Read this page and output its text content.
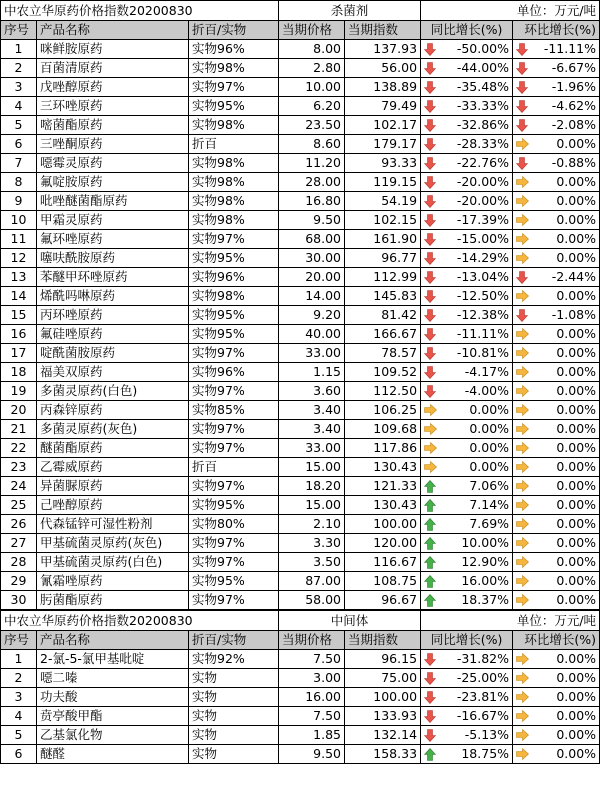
中农立华原药价格指数20200830			杀菌剂		单位：万元/吨	
序号	产品名称	折百/实物	当期价格	当期指数	同比增长(%)	环比增长(%)
1	咪鲜胺原药	实物96%	8.00	137.93	-50.00%	-11.11%

2	百菌清原药	实物98%	2.80	56.00	-44.00%	-6.67%

3	戊唑醇原药	实物97%	10.00	138.89	-35.48%	-1.96%

4	三环唑原药	实物95%	6.20	79.49	-33.33%	-4.62%

5	嘧菌酯原药	实物98%	23.50	102.17	-32.86%	-2.08%

6	三唑酮原药	折百	8.60	179.17	-28.33%	0.00%

7	噁霉灵原药	实物98%	11.20	93.33	-22.76%	-0.88%

8	氟啶胺原药	实物98%	28.00	119.15	-20.00%	0.00%

9	吡唑醚菌酯原药	实物98%	16.80	54.19	-20.00%	0.00%

10	甲霜灵原药	实物98%	9.50	102.15	-17.39%	0.00%

11	氟环唑原药	实物97%	68.00	161.90	-15.00%	0.00%

12	噻呋酰胺原药	实物95%	30.00	96.77	-14.29%	0.00%

13	苯醚甲环唑原药	实物96%	20.00	112.99	-13.04%	-2.44%

14	烯酰吗啉原药	实物98%	14.00	145.83	-12.50%	0.00%

15	丙环唑原药	实物95%	9.20	81.42	-12.38%	-1.08%

16	氟硅唑原药	实物95%	40.00	166.67	-11.11%	0.00%

17	啶酰菌胺原药	实物97%	33.00	78.57	-10.81%	0.00%

18	福美双原药	实物96%	1.15	109.52	-4.17%	0.00%

19	多菌灵原药(白色)	实物97%	3.60	112.50	-4.00%	0.00%

20	丙森锌原药	实物85%	3.40	106.25	0.00%	0.00%

21	多菌灵原药(灰色)	实物97%	3.40	109.68	0.00%	0.00%

22	醚菌酯原药	实物97%	33.00	117.86	0.00%	0.00%

23	乙霉威原药	折百	15.00	130.43	0.00%	0.00%

24	异菌脲原药	实物97%	18.20	121.33	7.06%	0.00%

25	己唑醇原药	实物95%	15.00	130.43	7.14%	0.00%

26	代森锰锌可湿性粉剂	实物80%	2.10	100.00	7.69%	0.00%

27	甲基硫菌灵原药(灰色)	实物97%	3.30	120.00	10.00%	0.00%

28	甲基硫菌灵原药(白色)	实物97%	3.50	116.67	12.90%	0.00%

29	氰霜唑原药	实物95%	87.00	108.75	16.00%	0.00%

30	肟菌酯原药	实物97%	58.00	96.67	18.37%	0.00%
中农立华原药价格指数20200830			中间体		单位：万元/吨	
序号	产品名称	折百/实物	当期价格	当期指数	同比增长(%)	环比增长(%)
1	2-氯-5-氯甲基吡啶	实物92%	7.50	96.15	-31.82%	0.00%

2	噁二嗪	实物	3.00	75.00	-25.00%	0.00%

3	功夫酸	实物	16.00	100.00	-23.81%	0.00%

4	贲亭酸甲酯	实物	7.50	133.93	-16.67%	0.00%

5	乙基氯化物	实物	1.85	132.14	-5.13%	0.00%

6	醚醛	实物	9.50	158.33	18.75%	0.00%
